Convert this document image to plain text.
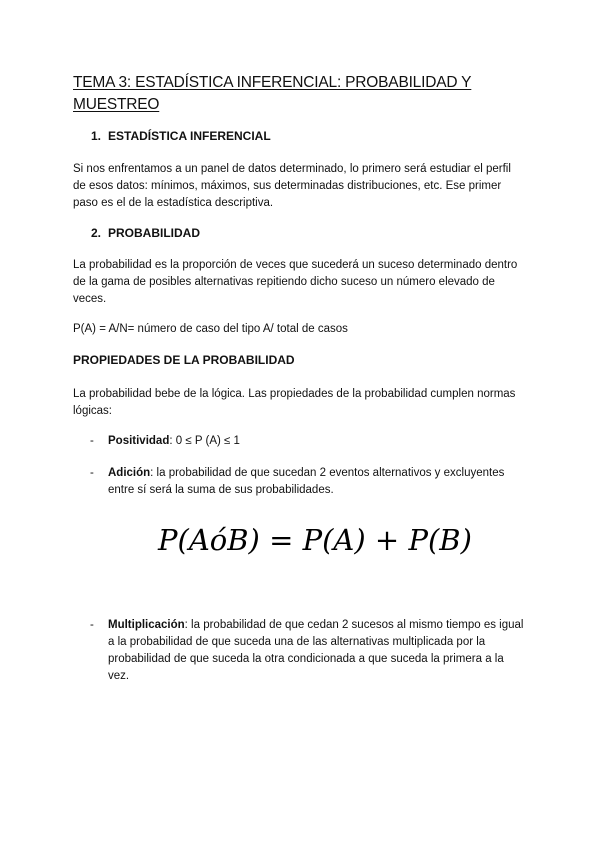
TEMA 3: ESTADÍSTICA INFERENCIAL: PROBABILIDAD Y MUESTREO
1. ESTADÍSTICA INFERENCIAL
Si nos enfrentamos a un panel de datos determinado, lo primero será estudiar el perfil de esos datos: mínimos, máximos, sus determinadas distribuciones, etc. Ese primer paso es el de la estadística descriptiva.
2. PROBABILIDAD
La probabilidad es la proporción de veces que sucederá un suceso determinado dentro de la gama de posibles alternativas repitiendo dicho suceso un número elevado de veces.
P(A) = A/N= número de caso del tipo A/ total de casos
PROPIEDADES DE LA PROBABILIDAD
La probabilidad bebe de la lógica. Las propiedades de la probabilidad cumplen normas lógicas:
- Positividad: 0 ≤ P (A) ≤ 1
- Adición: la probabilidad de que sucedan 2 eventos alternativos y excluyentes entre sí será la suma de sus probabilidades.
P(AóB) = P(A) + P(B)
- Multiplicación: la probabilidad de que cedan 2 sucesos al mismo tiempo es igual a la probabilidad de que suceda una de las alternativas multiplicada por la probabilidad de que suceda la otra condicionada a que suceda la primera a la vez.
